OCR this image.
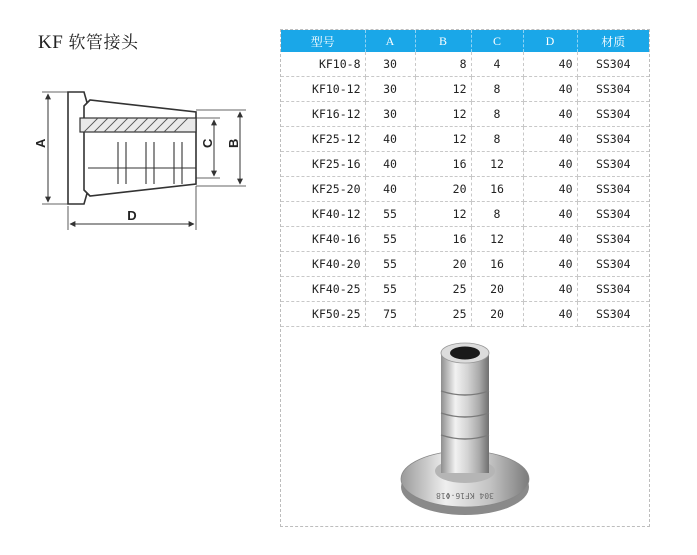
KF 软管接头
A	C B
D
型号	A	B	C	D	材质
KF10-8	30	8	4	40	SS304
KF10-12	30	12	8	40	SS304
KF16-12	30	12	8	40	SS304
KF25-12	40	12	8	40	SS304
KF25-16	40	16	12	40	SS304
KF25-20	40	20	16	40	SS304
KF40-12	55	12	8	40	SS304
KF40-16	55	16	12	40	SS304
KF40-20	55	20	16	40	SS304
KF40-25	55	25	20	40	SS304
KF50-25	75	25	20	40	SS304
304 KF16-Φ18
